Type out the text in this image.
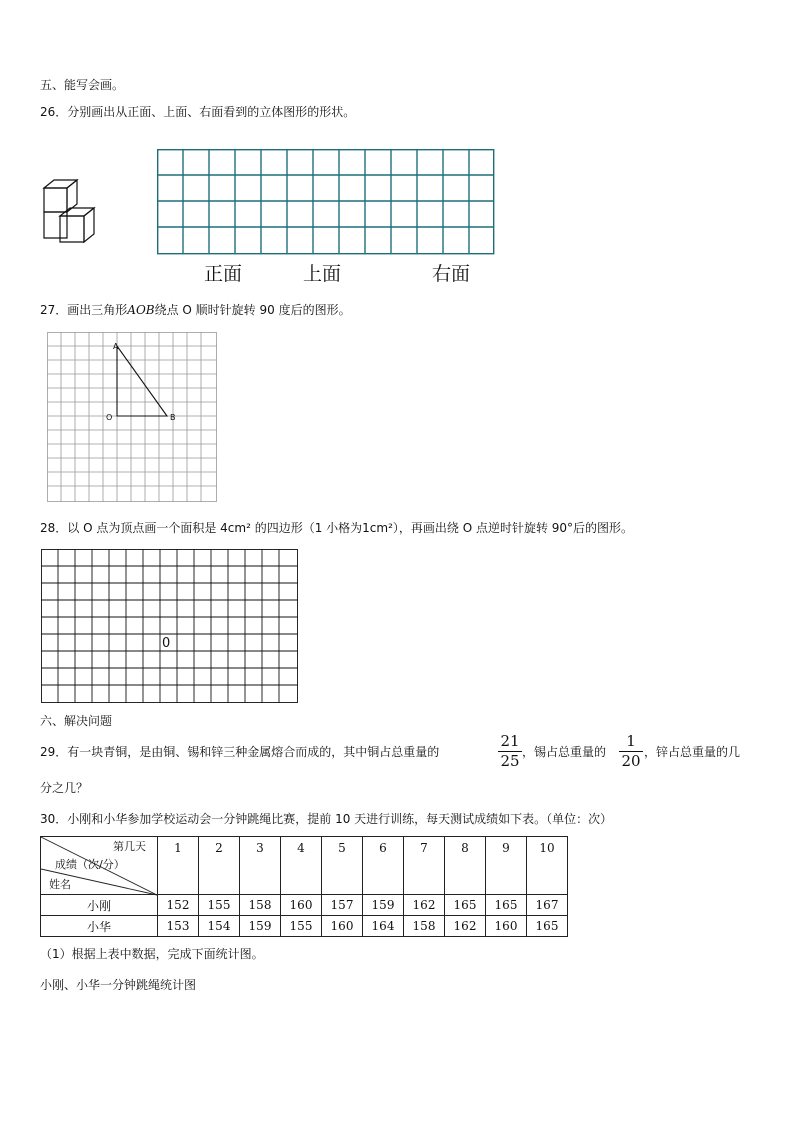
五、能写会画。
26．分别画出从正面、上面、右面看到的立体图形的形状。
正面	上面	右面
27．画出三角形AOB绕点 O 顺时针旋转 90 度后的图形。
A
O	B
28．以 O 点为顶点画一个面积是 4cm² 的四边形（1 小格为1cm²），再画出绕 O 点逆时针旋转 90°后的图形。
0
六、解决问题
29．有一块青铜，是由铜、锡和锌三种金属熔合而成的，其中铜占总重量的
21
25 ，锡占总重量的
1
20 ，锌占总重量的几
分之几？
30．小刚和小华参加学校运动会一分钟跳绳比赛，提前 10 天进行训练，每天测试成绩如下表。（单位：次）
第几天
成绩（次/分）
姓名	1	2	3	4	5	6	7	8	9	10
小刚	152	155	158	160	157	159	162	165	165	167
小华	153	154	159	155	160	164	158	162	160	165
（1）根据上表中数据，完成下面统计图。
小刚、小华一分钟跳绳统计图
